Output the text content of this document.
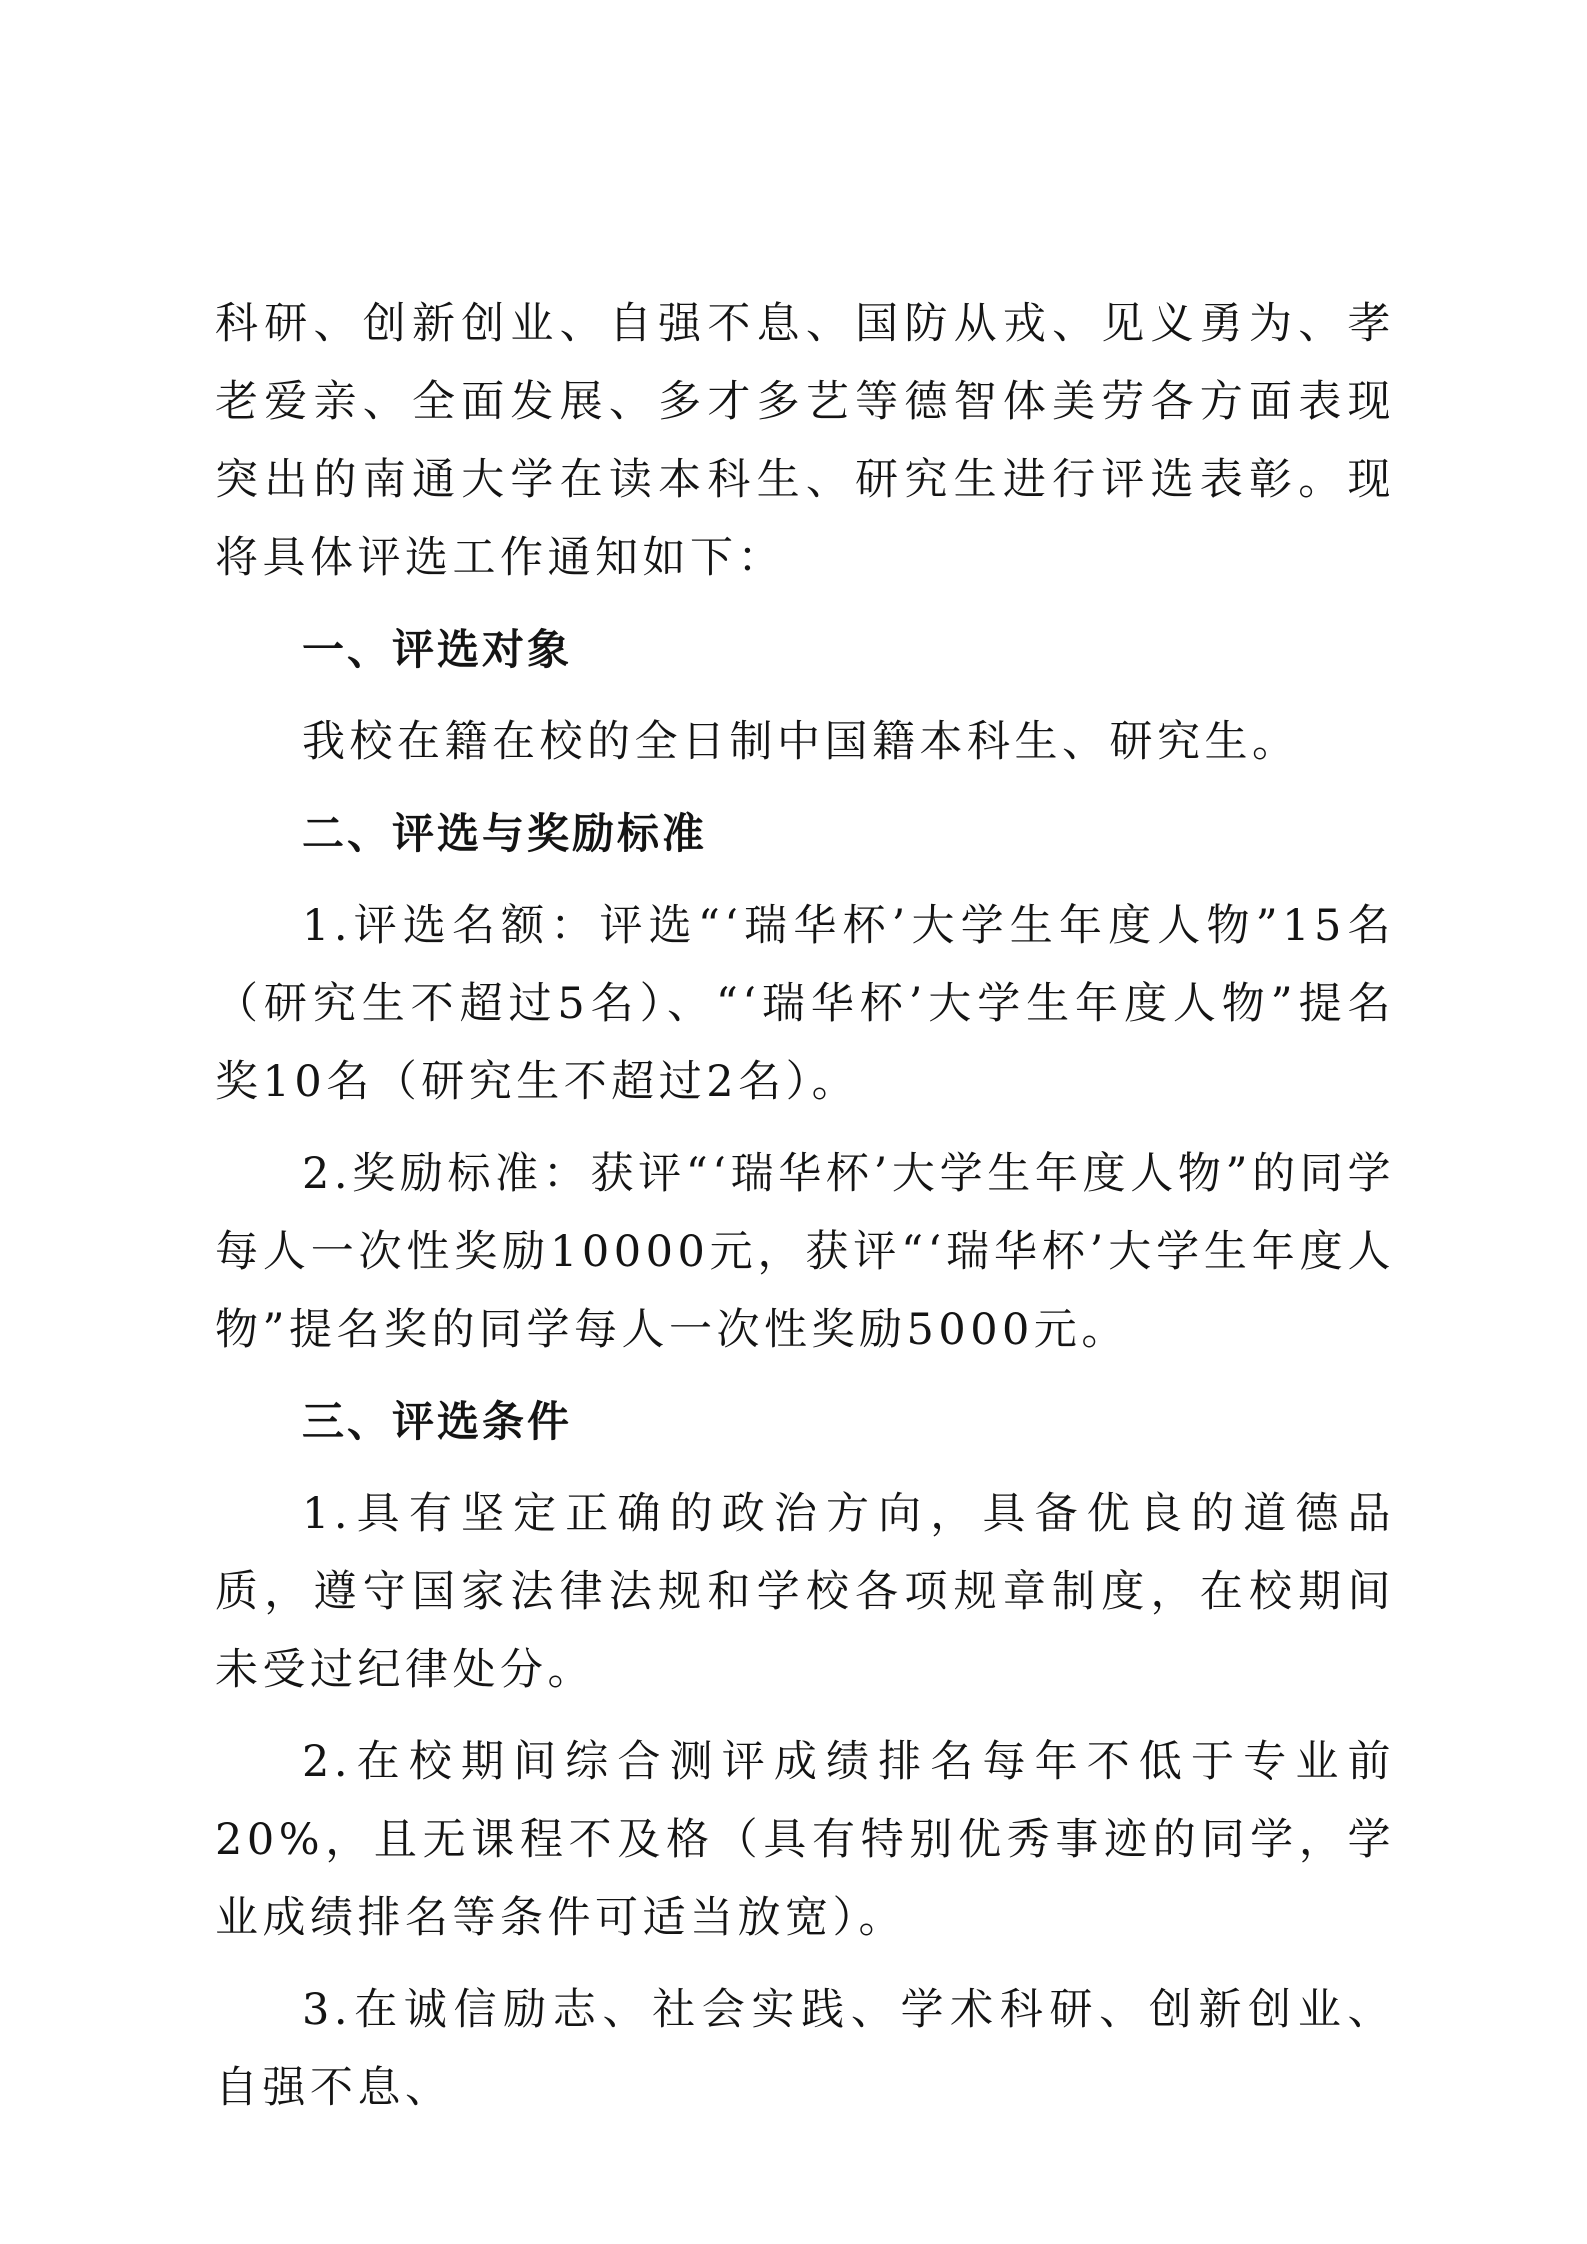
科研、创新创业、自强不息、国防从戎、见义勇为、孝老爱亲、全面发展、多才多艺等德智体美劳各方面表现突出的南通大学在读本科生、研究生进行评选表彰。现将具体评选工作通知如下：

一、评选对象

我校在籍在校的全日制中国籍本科生、研究生。

二、评选与奖励标准

1.评选名额：评选“‘瑞华杯’大学生年度人物”15名（研究生不超过5名）、“‘瑞华杯’大学生年度人物”提名奖10名（研究生不超过2名）。

2.奖励标准：获评“‘瑞华杯’大学生年度人物”的同学每人一次性奖励10000元，获评“‘瑞华杯’大学生年度人物”提名奖的同学每人一次性奖励5000元。

三、评选条件

1.具有坚定正确的政治方向，具备优良的道德品质，遵守国家法律法规和学校各项规章制度，在校期间未受过纪律处分。

2.在校期间综合测评成绩排名每年不低于专业前20%，且无课程不及格（具有特别优秀事迹的同学，学业成绩排名等条件可适当放宽）。

3.在诚信励志、社会实践、学术科研、创新创业、自强不息、
